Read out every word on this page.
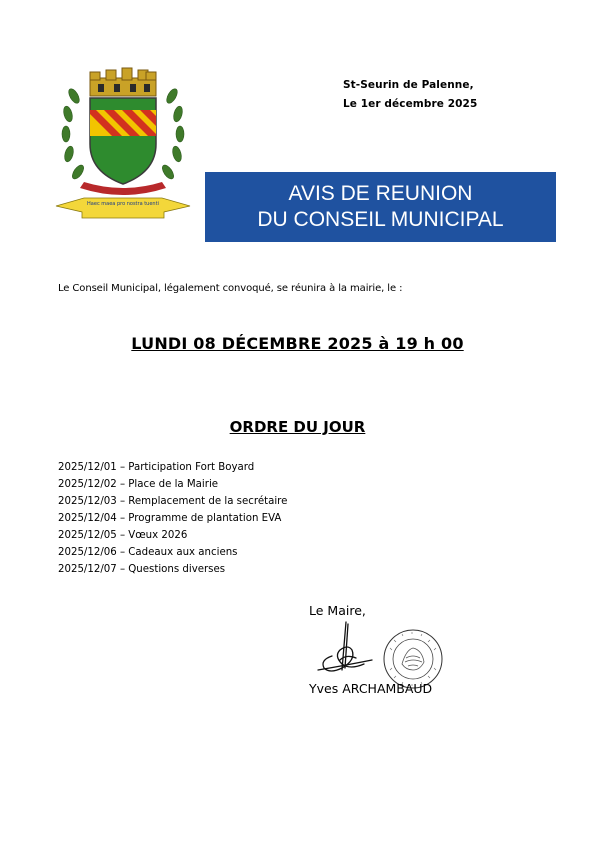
Haec maea pro nostra tuenti
St-Seurin de Palenne,
Le 1er décembre 2025
AVIS DE REUNION
DU CONSEIL MUNICIPAL
Le Conseil Municipal, légalement convoqué, se réunira à la mairie, le :
LUNDI 08 DÉCEMBRE 2025 à 19 h 00
ORDRE DU JOUR
2025/12/01 – Participation Fort Boyard
2025/12/02 – Place de la Mairie
2025/12/03 – Remplacement de la secrétaire
2025/12/04 – Programme de plantation EVA
2025/12/05 – Vœux 2026
2025/12/06 – Cadeaux aux anciens
2025/12/07 – Questions diverses
Le Maire,
Yves ARCHAMBAUD
